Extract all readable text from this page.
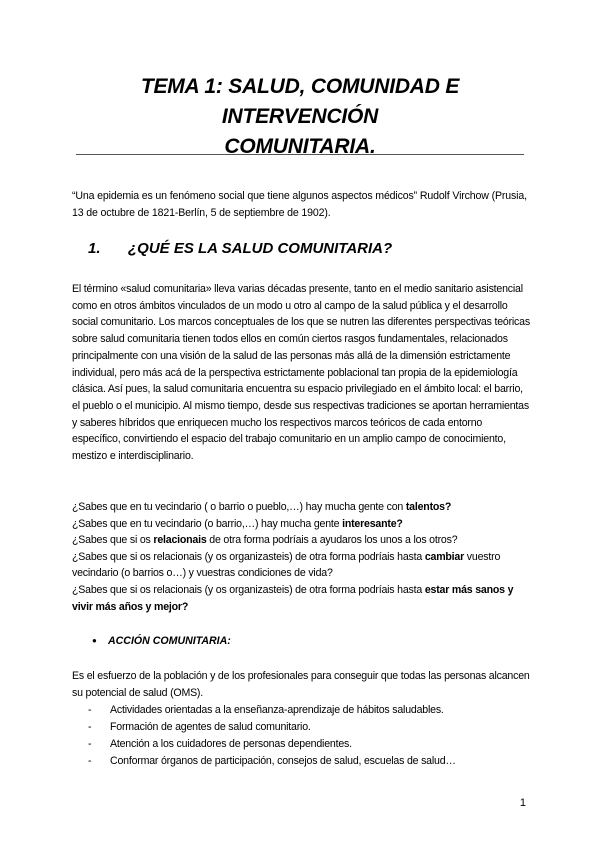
TEMA 1: SALUD, COMUNIDAD E INTERVENCIÓN
COMUNITARIA.
“Una epidemia es un fenómeno social que tiene algunos aspectos médicos” Rudolf Virchow (Prusia, 13 de octubre de 1821-Berlín, 5 de septiembre de 1902).
1. ¿QUÉ ES LA SALUD COMUNITARIA?
El término «salud comunitaria» lleva varias décadas presente, tanto en el medio sanitario asistencial como en otros ámbitos vinculados de un modo u otro al campo de la salud pública y el desarrollo social comunitario. Los marcos conceptuales de los que se nutren las diferentes perspectivas teóricas sobre salud comunitaria tienen todos ellos en común ciertos rasgos fundamentales, relacionados principalmente con una visión de la salud de las personas más allá de la dimensión estrictamente individual, pero más acá de la perspectiva estrictamente poblacional tan propia de la epidemiología clásica. Así pues, la salud comunitaria encuentra su espacio privilegiado en el ámbito local: el barrio, el pueblo o el municipio. Al mismo tiempo, desde sus respectivas tradiciones se aportan herramientas y saberes híbridos que enriquecen mucho los respectivos marcos teóricos de cada entorno específico, convirtiendo el espacio del trabajo comunitario en un amplio campo de conocimiento, mestizo e interdisciplinario.
¿Sabes que en tu vecindario ( o barrio o pueblo,…) hay mucha gente con talentos?
¿Sabes que en tu vecindario (o barrio,…) hay mucha gente interesante?
¿Sabes que si os relacionais de otra forma podríais a ayudaros los unos a los otros?
¿Sabes que si os relacionais (y os organizasteis) de otra forma podríais hasta cambiar vuestro vecindario (o barrios o…) y vuestras condiciones de vida?
¿Sabes que si os relacionais (y os organizasteis) de otra forma podríais hasta estar más sanos y vivir más años y mejor?
● ACCIÓN COMUNITARIA:
Es el esfuerzo de la población y de los profesionales para conseguir que todas las personas alcancen su potencial de salud (OMS).
- Actividades orientadas a la enseñanza-aprendizaje de hábitos saludables.
- Formación de agentes de salud comunitario.
- Atención a los cuidadores de personas dependientes.
- Conformar órganos de participación, consejos de salud, escuelas de salud…
1
